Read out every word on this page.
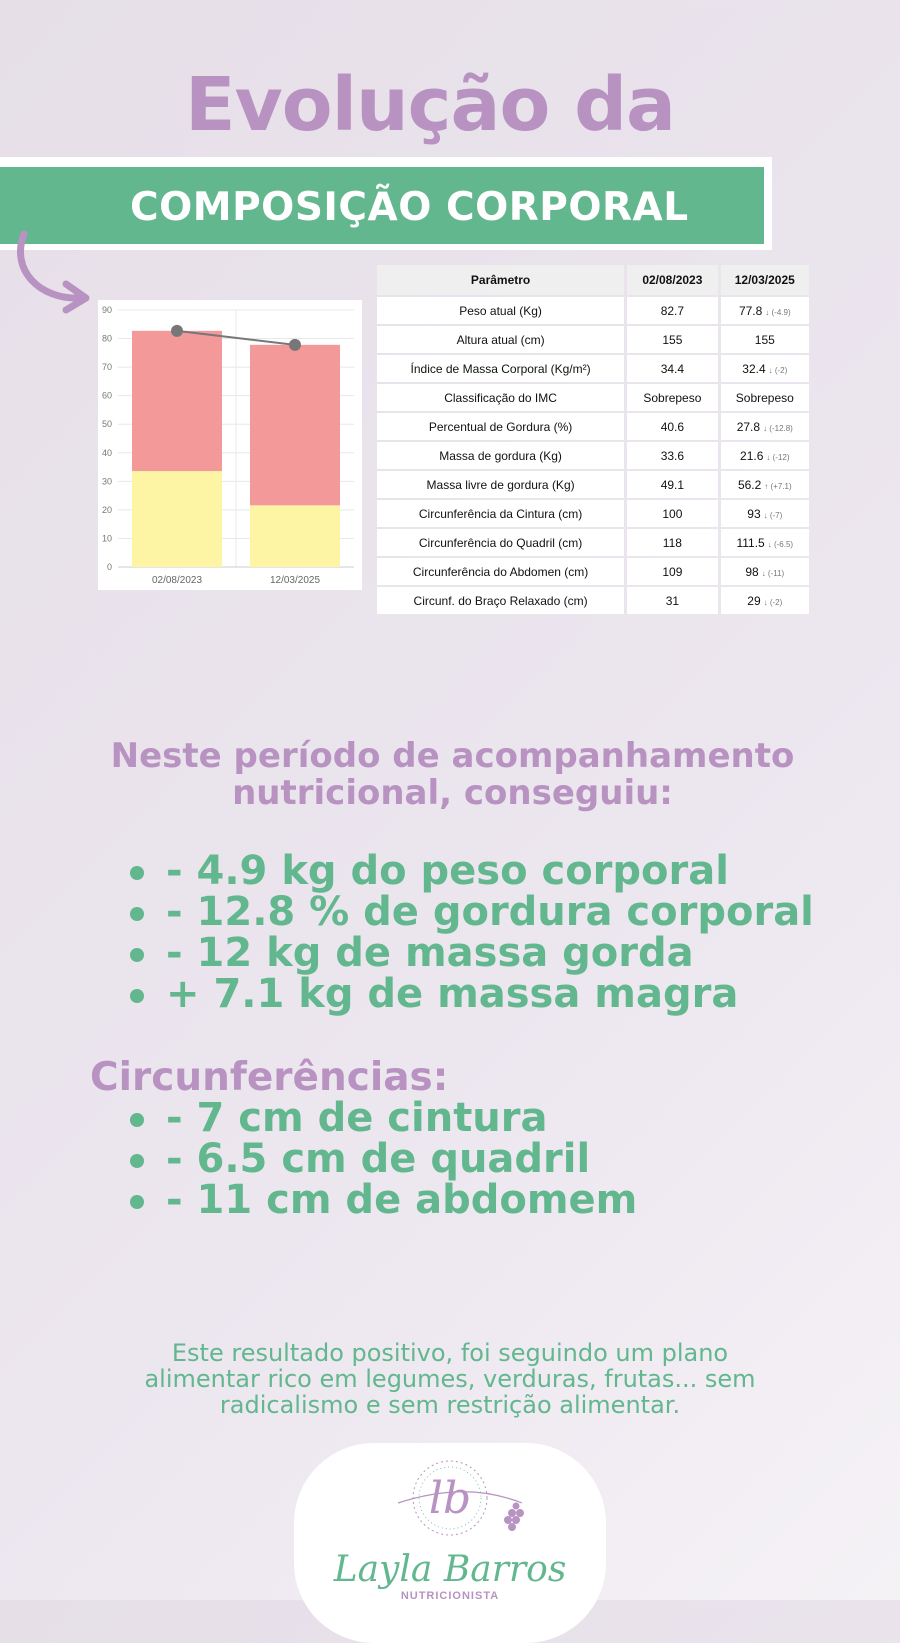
Evolução da
COMPOSIÇÃO CORPORAL
0
10
20
30
40
50
60
70
80
90
02/08/2023	12/03/2025
Parâmetro	02/08/2023	12/03/2025
Peso atual (Kg)	82.7	77.8 ↓ (-4.9)
Altura atual (cm)	155	155
Índice de Massa Corporal (Kg/m²)	34.4	32.4 ↓ (-2)
Classificação do IMC	Sobrepeso	Sobrepeso
Percentual de Gordura (%)	40.6	27.8 ↓ (-12.8)
Massa de gordura (Kg)	33.6	21.6 ↓ (-12)
Massa livre de gordura (Kg)	49.1	56.2 ↑ (+7.1)
Circunferência da Cintura (cm)	100	93 ↓ (-7)
Circunferência do Quadril (cm)	118	111.5 ↓ (-6.5)
Circunferência do Abdomen (cm)	109	98 ↓ (-11)
Circunf. do Braço Relaxado (cm)	31	29 ↓ (-2)
Neste período de acompanhamento
nutricional, conseguiu:
- 4.9 kg do peso corporal
- 12.8 % de gordura corporal
- 12 kg de massa gorda
+ 7.1 kg de massa magra
Circunferências:
- 7 cm de cintura
- 6.5 cm de quadril
- 11 cm de abdomem

Este resultado positivo, foi seguindo um plano
alimentar rico em legumes, verduras, frutas... sem
radicalismo e sem restrição alimentar.

lb
Layla Barros
NUTRICIONISTA
